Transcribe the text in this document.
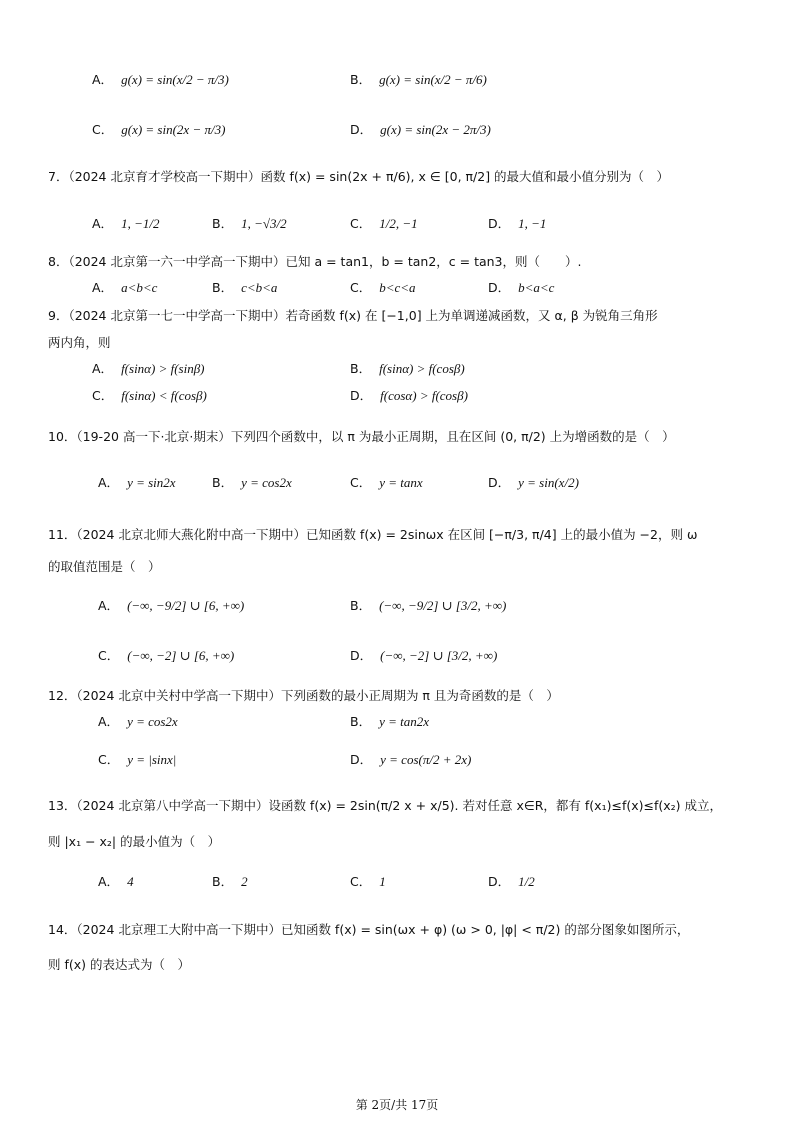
A． g(x) = sin(x/2 − π/3)	B． g(x) = sin(x/2 − π/6)
C． g(x) = sin(2x − π/3)	D． g(x) = sin(2x − 2π/3)
7．（2024 北京育才学校高一下期中）函数 f(x) = sin(2x + π/6), x ∈ [0, π/2] 的最大值和最小值分别为（　）
A． 1, −1/2	B． 1, −√3/2	C． 1/2, −1	D． 1, −1
8．（2024 北京第一六一中学高一下期中）已知 a = tan1，b = tan2，c = tan3，则（　　）.
A． a<b<c	B． c<b<a	C． b<c<a	D． b<a<c
9．（2024 北京第一七一中学高一下期中）若奇函数 f(x) 在 [−1,0] 上为单调递减函数，又 α, β 为锐角三角形
两内角，则
A． f(sinα) > f(sinβ)	B． f(sinα) > f(cosβ)
C． f(sinα) < f(cosβ)	D． f(cosα) > f(cosβ)
10．（19-20 高一下·北京·期末）下列四个函数中，以 π 为最小正周期，且在区间 (0, π/2) 上为增函数的是（　）
A． y = sin2x	B． y = cos2x	C． y = tanx	D． y = sin(x/2)
11．（2024 北京北师大燕化附中高一下期中）已知函数 f(x) = 2sinωx 在区间 [−π/3, π/4] 上的最小值为 −2，则 ω
的取值范围是（　）
A． (−∞, −9/2] ∪ [6, +∞)	B． (−∞, −9/2] ∪ [3/2, +∞)
C． (−∞, −2] ∪ [6, +∞)	D． (−∞, −2] ∪ [3/2, +∞)
12．（2024 北京中关村中学高一下期中）下列函数的最小正周期为 π 且为奇函数的是（　）
A． y = cos2x	B． y = tan2x
C． y = |sinx|	D． y = cos(π/2 + 2x)
13．（2024 北京第八中学高一下期中）设函数 f(x) = 2sin(π/2 x + x/5). 若对任意 x∈R，都有 f(x₁)≤f(x)≤f(x₂) 成立，
则 |x₁ − x₂| 的最小值为（　）
A． 4	B． 2	C． 1	D． 1/2
14．（2024 北京理工大附中高一下期中）已知函数 f(x) = sin(ωx + φ) (ω > 0, |φ| < π/2) 的部分图象如图所示，
则 f(x) 的表达式为（　）
第 2页/共 17页
